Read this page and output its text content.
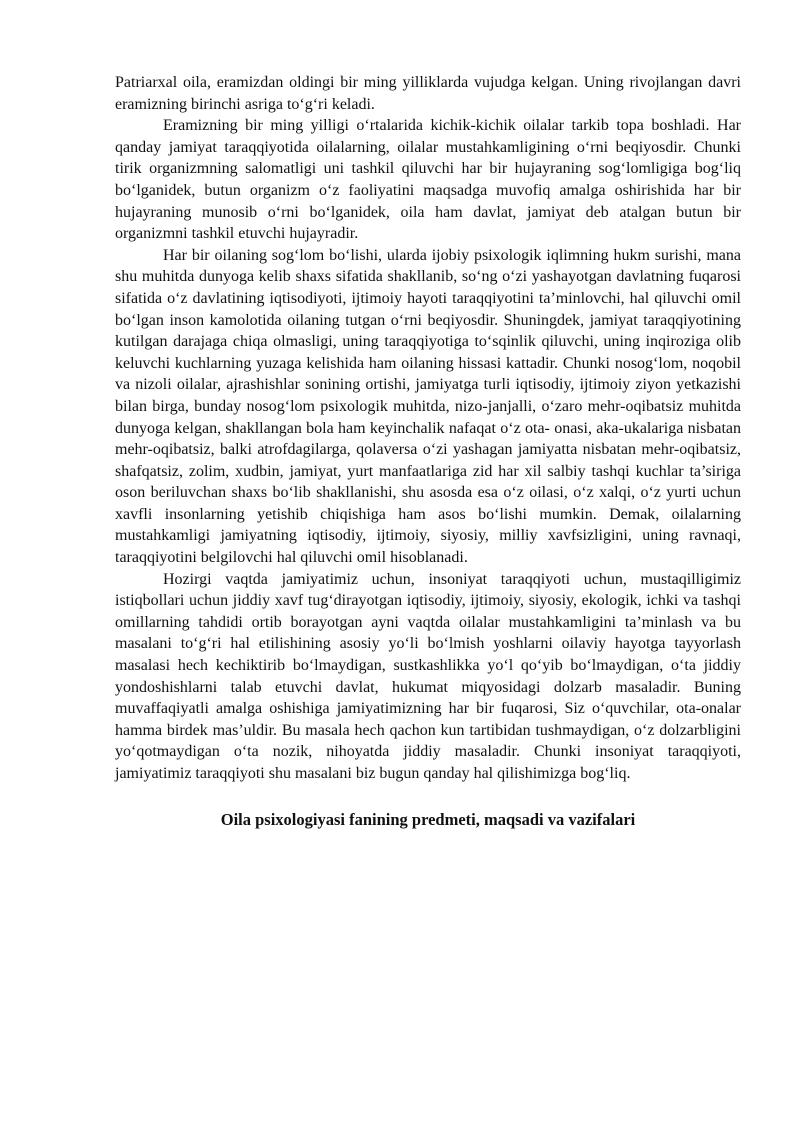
Patriarxal oila, eramizdan oldingi bir ming yilliklarda vujudga kelgan. Uning rivojlangan davri eramizning birinchi asriga to‘g‘ri keladi.

Eramizning bir ming yilligi o‘rtalarida kichik-kichik oilalar tarkib topa boshladi. Har qanday jamiyat taraqqiyotida oilalarning, oilalar mustahkamligining o‘rni beqiyosdir. Chunki tirik organizmning salomatligi uni tashkil qiluvchi har bir hujayraning sog‘lomligiga bog‘liq bo‘lganidek, butun organizm o‘z faoliyatini maqsadga muvofiq amalga oshirishida har bir hujayraning munosib o‘rni bo‘lganidek, oila ham davlat, jamiyat deb atalgan butun bir organizmni tashkil etuvchi hujayradir.

Har bir oilaning sog‘lom bo‘lishi, ularda ijobiy psixologik iqlimning hukm surishi, mana shu muhitda dunyoga kelib shaxs sifatida shakllanib, so‘ng o‘zi yashayotgan davlatning fuqarosi sifatida o‘z davlatining iqtisodiyoti, ijtimoiy hayoti taraqqiyotini ta’minlovchi, hal qiluvchi omil bo‘lgan inson kamolotida oilaning tutgan o‘rni beqiyosdir. Shuningdek, jamiyat taraqqiyotining kutilgan darajaga chiqa olmasligi, uning taraqqiyotiga to‘sqinlik qiluvchi, uning inqiroziga olib keluvchi kuchlarning yuzaga kelishida ham oilaning hissasi kattadir. Chunki nosog‘lom, noqobil va nizoli oilalar, ajrashishlar sonining ortishi, jamiyatga turli iqtisodiy, ijtimoiy ziyon yetkazishi bilan birga, bunday nosog‘lom psixologik muhitda, nizo-janjalli, o‘zaro mehr-oqibatsiz muhitda dunyoga kelgan, shakllangan bola ham keyinchalik nafaqat o‘z ota- onasi, aka-ukalariga nisbatan mehr-oqibatsiz, balki atrofdagilarga, qolaversa o‘zi yashagan jamiyatta nisbatan mehr-oqibatsiz, shafqatsiz, zolim, xudbin, jamiyat, yurt manfaatlariga zid har xil salbiy tashqi kuchlar ta’siriga oson beriluvchan shaxs bo‘lib shakllanishi, shu asosda esa o‘z oilasi, o‘z xalqi, o‘z yurti uchun xavfli insonlarning yetishib chiqishiga ham asos bo‘lishi mumkin. Demak, oilalarning mustahkamligi jamiyatning iqtisodiy, ijtimoiy, siyosiy, milliy xavfsizligini, uning ravnaqi, taraqqiyotini belgilovchi hal qiluvchi omil hisoblanadi.

Hozirgi vaqtda jamiyatimiz uchun, insoniyat taraqqiyoti uchun, mustaqilligimiz istiqbollari uchun jiddiy xavf tug‘dirayotgan iqtisodiy, ijtimoiy, siyosiy, ekologik, ichki va tashqi omillarning tahdidi ortib borayotgan ayni vaqtda oilalar mustahkamligini ta’minlash va bu masalani to‘g‘ri hal etilishining asosiy yo‘li bo‘lmish yoshlarni oilaviy hayotga tayyorlash masalasi hech kechiktirib bo‘lmaydigan, sustkashlikka yo‘l qo‘yib bo‘lmaydigan, o‘ta jiddiy yondoshishlarni talab etuvchi davlat, hukumat miqyosidagi dolzarb masaladir. Buning muvaffaqiyatli amalga oshishiga jamiyatimizning har bir fuqarosi, Siz o‘quvchilar, ota-onalar hamma birdek mas’uldir. Bu masala hech qachon kun tartibidan tushmaydigan, o‘z dolzarbligini yo‘qotmaydigan o‘ta nozik, nihoyatda jiddiy masaladir. Chunki insoniyat taraqqiyoti, jamiyatimiz taraqqiyoti shu masalani biz bugun qanday hal qilishimizga bog‘liq.

Oila psixologiyasi fanining predmeti, maqsadi va vazifalari
